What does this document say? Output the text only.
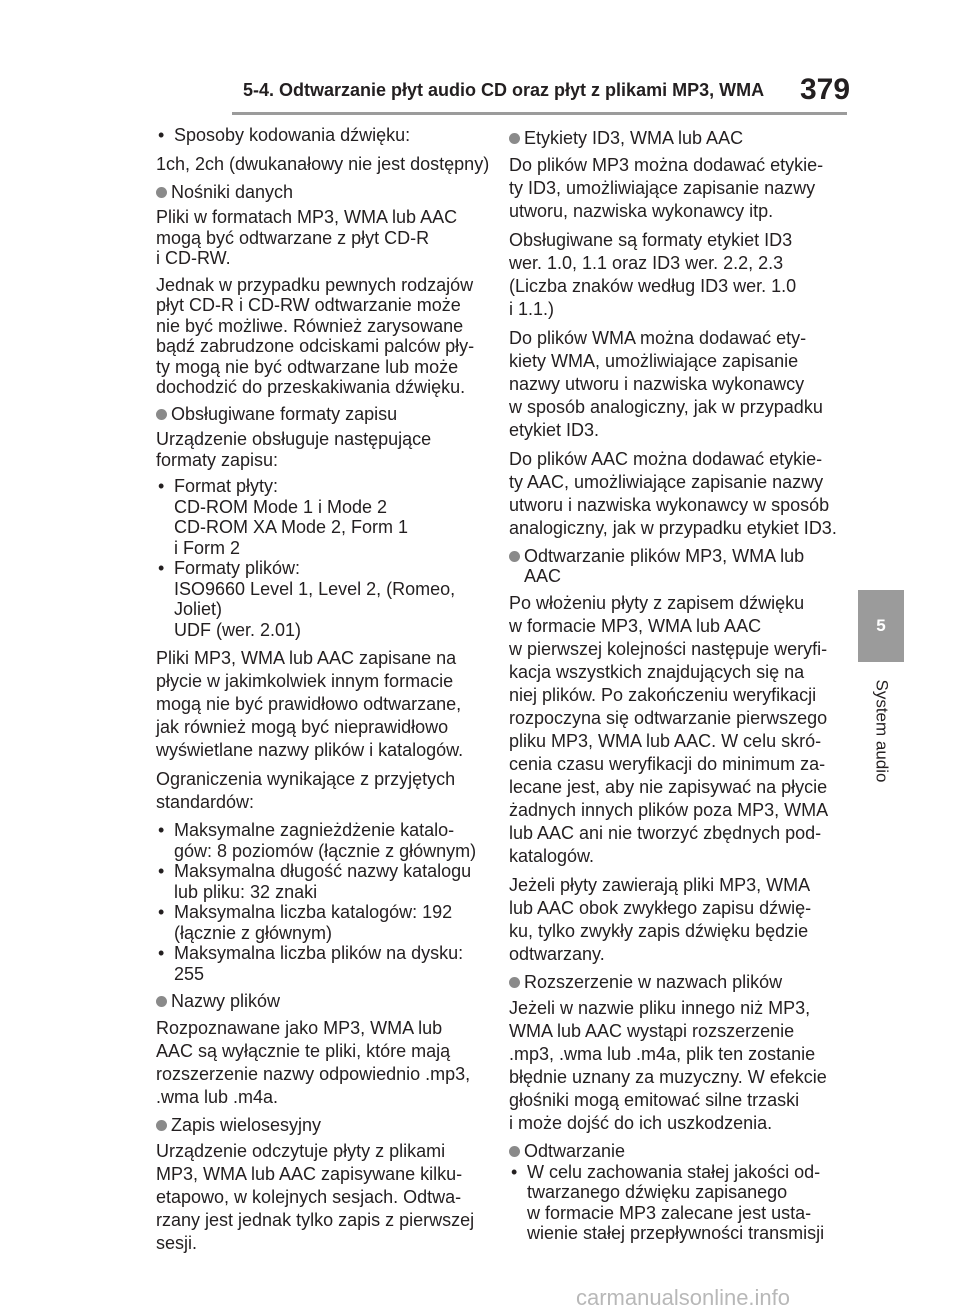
5-4. Odtwarzanie płyt audio CD oraz płyt z plikami MP3, WMA 379
5
System audio
• Sposoby kodowania dźwięku:

1ch, 2ch (dwukanałowy nie jest dostępny)

Nośniki danych

Pliki w formatach MP3, WMA lub AAC
mogą być odtwarzane z płyt CD-R
i CD-RW.

Jednak w przypadku pewnych rodzajów
płyt CD-R i CD-RW odtwarzanie może
nie być możliwe. Również zarysowane
bądź zabrudzone odciskami palców pły-
ty mogą nie być odtwarzane lub może
dochodzić do przeskakiwania dźwięku.

Obsługiwane formaty zapisu

Urządzenie obsługuje następujące
formaty zapisu:

• Format płyty:
CD-ROM Mode 1 i Mode 2
CD-ROM XA Mode 2, Form 1
i Form 2
• Formaty plików:
ISO9660 Level 1, Level 2, (Romeo,
Joliet)
UDF (wer. 2.01)

Pliki MP3, WMA lub AAC zapisane na
płycie w jakimkolwiek innym formacie
mogą nie być prawidłowo odtwarzane,
jak również mogą być nieprawidłowo
wyświetlane nazwy plików i katalogów.

Ograniczenia wynikające z przyjętych
standardów:

• Maksymalne zagnieżdżenie katalo-
gów: 8 poziomów (łącznie z głównym)
• Maksymalna długość nazwy katalogu
lub pliku: 32 znaki
• Maksymalna liczba katalogów: 192
(łącznie z głównym)
• Maksymalna liczba plików na dysku:
255
Nazwy plików

Rozpoznawane jako MP3, WMA lub
AAC są wyłącznie te pliki, które mają
rozszerzenie nazwy odpowiednio .mp3,
.wma lub .m4a.

Zapis wielosesyjny

Urządzenie odczytuje płyty z plikami
MP3, WMA lub AAC zapisywane kilku-
etapowo, w kolejnych sesjach. Odtwa-
rzany jest jednak tylko zapis z pierwszej
sesji.

Etykiety ID3, WMA lub AAC

Do plików MP3 można dodawać etykie-
ty ID3, umożliwiające zapisanie nazwy
utworu, nazwiska wykonawcy itp.

Obsługiwane są formaty etykiet ID3
wer. 1.0, 1.1 oraz ID3 wer. 2.2, 2.3
(Liczba znaków według ID3 wer. 1.0
i 1.1.)

Do plików WMA można dodawać ety-
kiety WMA, umożliwiające zapisanie
nazwy utworu i nazwiska wykonawcy
w sposób analogiczny, jak w przypadku
etykiet ID3.

Do plików AAC można dodawać etykie-
ty AAC, umożliwiające zapisanie nazwy
utworu i nazwiska wykonawcy w sposób
analogiczny, jak w przypadku etykiet ID3.

Odtwarzanie plików MP3, WMA lub
AAC

Po włożeniu płyty z zapisem dźwięku
w formacie MP3, WMA lub AAC
w pierwszej kolejności następuje weryfi-
kacja wszystkich znajdujących się na
niej plików. Po zakończeniu weryfikacji
rozpoczyna się odtwarzanie pierwszego
pliku MP3, WMA lub AAC. W celu skró-
cenia czasu weryfikacji do minimum za-
lecane jest, aby nie zapisywać na płycie
żadnych innych plików poza MP3, WMA
lub AAC ani nie tworzyć zbędnych pod-
katalogów.

Jeżeli płyty zawierają pliki MP3, WMA
lub AAC obok zwykłego zapisu dźwię-
ku, tylko zwykły zapis dźwięku będzie
odtwarzany.

Rozszerzenie w nazwach plików

Jeżeli w nazwie pliku innego niż MP3,
WMA lub AAC wystąpi rozszerzenie
.mp3, .wma lub .m4a, plik ten zostanie
błędnie uznany za muzyczny. W efekcie
głośniki mogą emitować silne trzaski
i może dojść do ich uszkodzenia.

Odtwarzanie
• W celu zachowania stałej jakości od-
twarzanego dźwięku zapisanego
w formacie MP3 zalecane jest usta-
wienie stałej przepływności transmisji
carmanualsonline.info
